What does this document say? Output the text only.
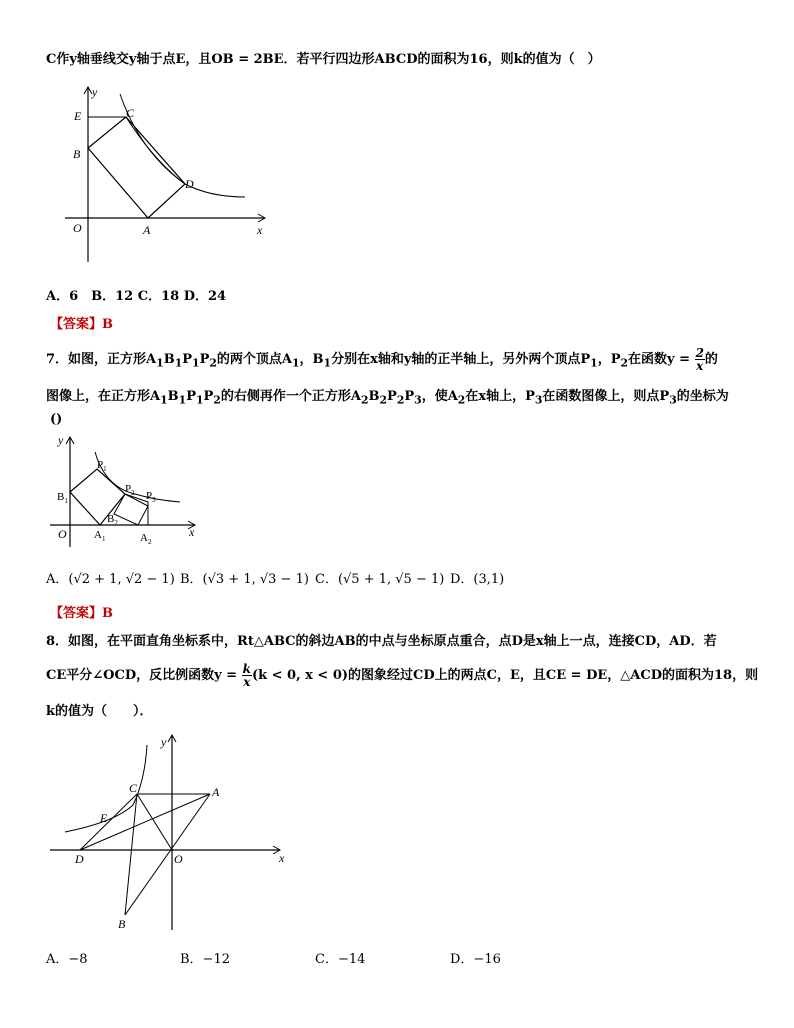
C作y轴垂线交y轴于点E，且OB = 2BE．若平行四边形ABCD的面积为16，则k的值为（　）
y
x
E	C
B
D
O	A
A．6　B．12 C．18 D．24
【答案】B
7．如图，正方形$A_1B_1P_1P_2$的两个顶点$A_1$，$B_1$分别在x轴和y轴的正半轴上，另外两个顶点$P_1$，$P_2$在函数$y = \frac{2}{x}$ 的
图像上，在正方形$A_1B_1P_1P_2$的右侧再作一个正方形$A_2B_2P_2P_3$，使$A_2$在x轴上，$P_3$在函数图像上，则点$P_3$的坐标为
()
y
x
$P_1$
$P_2$ $P_3$
$B_1$
$B_2$
O $A_1$	$A_2$
A．(√2 + 1, √2 − 1) B．(√3 + 1, √3 − 1) C．(√5 + 1, √5 − 1) D．(3,1)
【答案】B
8．如图，在平面直角坐标系中，Rt△ABC的斜边AB的中点与坐标原点重合，点D是x轴上一点，连接CD，AD．若
CE平分∠OCD，反比例函数$y = \frac{k}{x} (k < 0$, x < 0)的图象经过CD上的两点C，E，且CE = DE，△ACD的面积为18，则
k的值为（　　）．
y
x
C	A
E
D	O
B
A．−8	B．−12	C．−14	D．−16
